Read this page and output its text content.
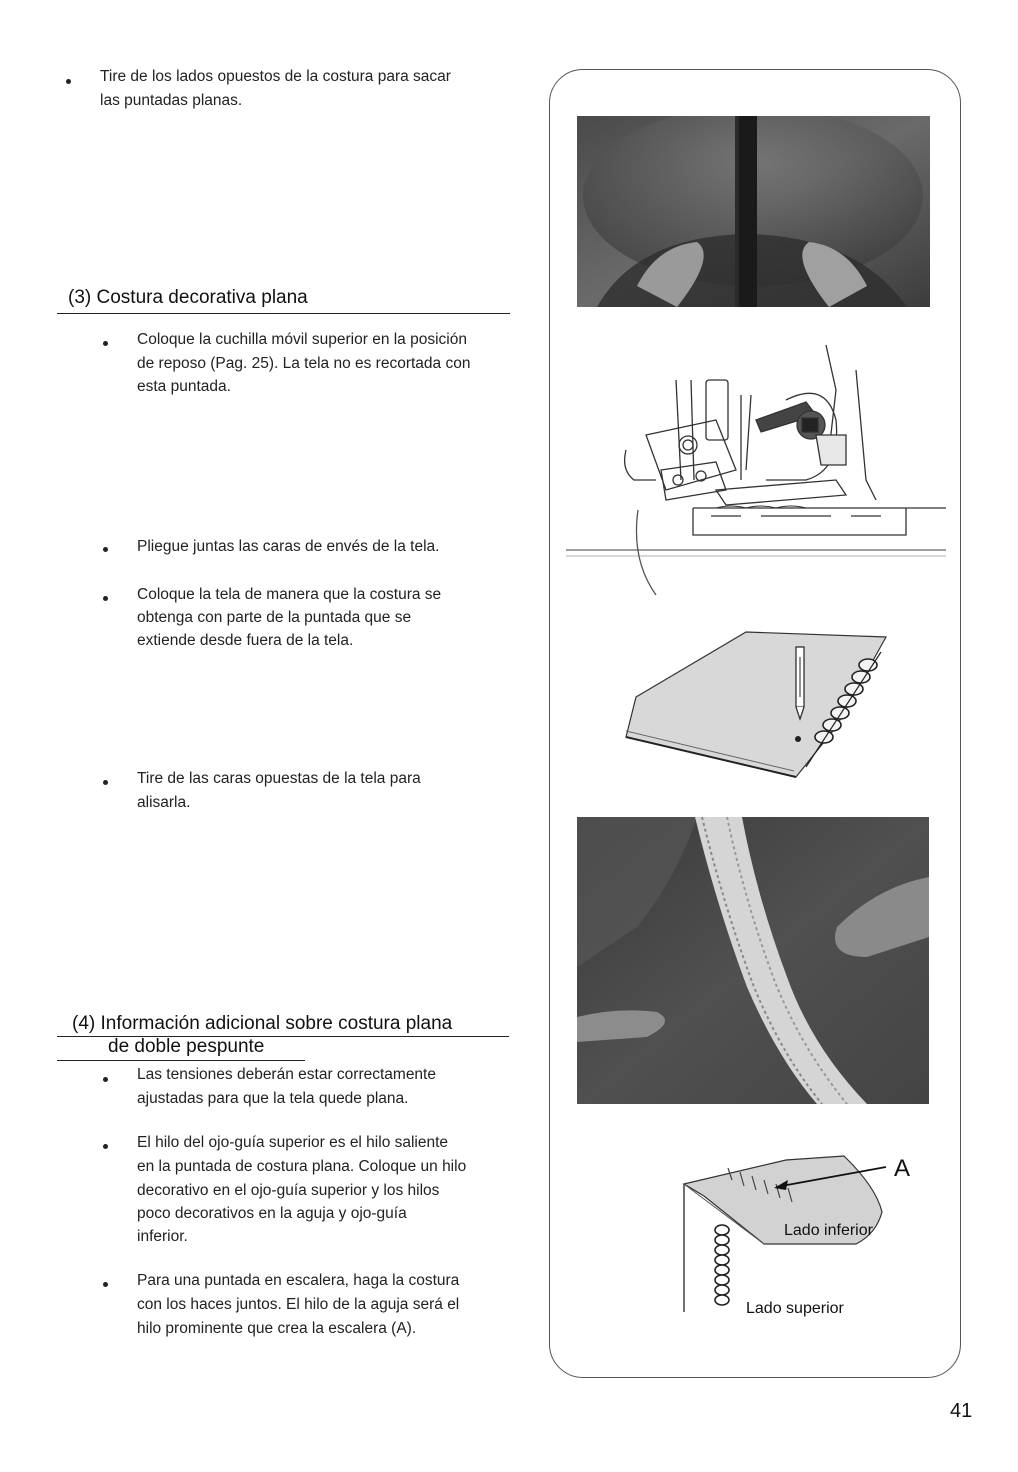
Tire de los lados opuestos de la costura para sacar
las puntadas planas.
(3) Costura decorativa plana
Coloque la cuchilla móvil superior en la posición
de reposo (Pag. 25). La tela no es recortada con
esta puntada.
Pliegue juntas las caras de envés de la tela.
Coloque la tela de manera que la costura se
obtenga con parte de la puntada que se
extiende desde fuera de la tela.
Tire de las caras opuestas de la tela para
alisarla.
(4) Información adicional sobre costura plana
de doble pespunte
Las tensiones deberán estar correctamente
ajustadas para que la tela quede plana.
El hilo del ojo-guía superior es el hilo saliente
en la puntada de costura plana. Coloque un hilo
decorativo en el ojo-guía superior y los hilos
poco decorativos en la aguja y ojo-guía
inferior.
Para una puntada en escalera, haga la costura
con los haces juntos. El hilo de la aguja será el
hilo prominente que crea la escalera (A).
A
Lado inferior
Lado superior
41
